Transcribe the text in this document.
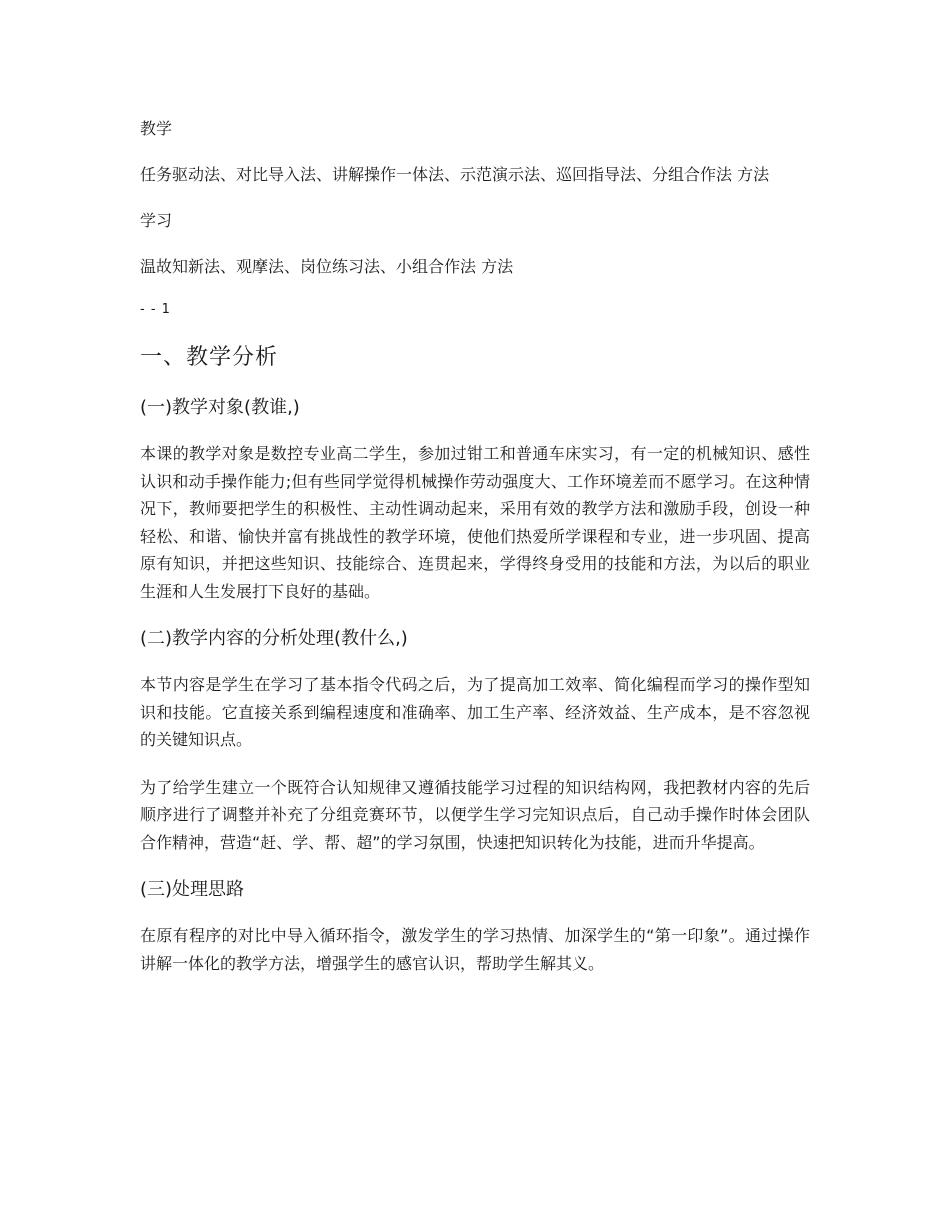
教学
任务驱动法、对比导入法、讲解操作一体法、示范演示法、巡回指导法、分组合作法 方法
学习
温故知新法、观摩法、岗位练习法、小组合作法 方法
- - 1
一、教学分析
(一)教学对象(教谁,)

本课的教学对象是数控专业高二学生，参加过钳工和普通车床实习，有一定的机械知识、感性认识和动手操作能力;但有些同学觉得机械操作劳动强度大、工作环境差而不愿学习。在这种情况下，教师要把学生的积极性、主动性调动起来，采用有效的教学方法和激励手段，创设一种轻松、和谐、愉快并富有挑战性的教学环境，使他们热爱所学课程和专业，进一步巩固、提高原有知识，并把这些知识、技能综合、连贯起来，学得终身受用的技能和方法，为以后的职业生涯和人生发展打下良好的基础。

(二)教学内容的分析处理(教什么,)

本节内容是学生在学习了基本指令代码之后，为了提高加工效率、简化编程而学习的操作型知识和技能。它直接关系到编程速度和准确率、加工生产率、经济效益、生产成本，是不容忽视的关键知识点。

为了给学生建立一个既符合认知规律又遵循技能学习过程的知识结构网，我把教材内容的先后顺序进行了调整并补充了分组竞赛环节，以便学生学习完知识点后，自己动手操作时体会团队合作精神，营造“赶、学、帮、超”的学习氛围，快速把知识转化为技能，进而升华提高。

(三)处理思路

在原有程序的对比中导入循环指令，激发学生的学习热情、加深学生的“第一印象”。通过操作讲解一体化的教学方法，增强学生的感官认识，帮助学生解其义。
